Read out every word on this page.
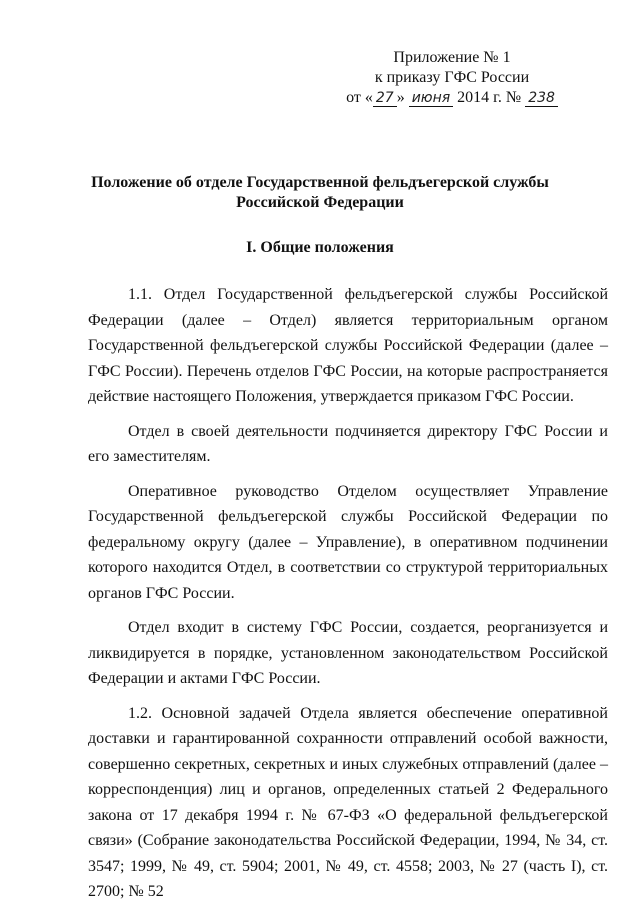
Приложение № 1
к приказу ГФС России
от « 27 » июня 2014 г. № 238
Положение об отделе Государственной фельдъегерской службы
Российской Федерации
I. Общие положения

1.1. Отдел Государственной фельдъегерской службы Российской Федерации (далее – Отдел) является территориальным органом Государственной фельдъегерской службы Российской Федерации (далее – ГФС России). Перечень отделов ГФС России, на которые распространяется действие настоящего Положения, утверждается приказом ГФС России.

Отдел в своей деятельности подчиняется директору ГФС России и его заместителям.

Оперативное руководство Отделом осуществляет Управление Государственной фельдъегерской службы Российской Федерации по федеральному округу (далее – Управление), в оперативном подчинении которого находится Отдел, в соответствии со структурой территориальных органов ГФС России.

Отдел входит в систему ГФС России, создается, реорганизуется и ликвидируется в порядке, установленном законодательством Российской Федерации и актами ГФС России.

1.2. Основной задачей Отдела является обеспечение оперативной доставки и гарантированной сохранности отправлений особой важности, совершенно секретных, секретных и иных служебных отправлений (далее – корреспонденция) лиц и органов, определенных статьей 2 Федерального закона от 17 декабря 1994 г. № 67-ФЗ «О федеральной фельдъегерской связи» (Собрание законодательства Российской Федерации, 1994, № 34, ст. 3547; 1999, № 49, ст. 5904; 2001, № 49, ст. 4558; 2003, № 27 (часть I), ст. 2700; № 52
